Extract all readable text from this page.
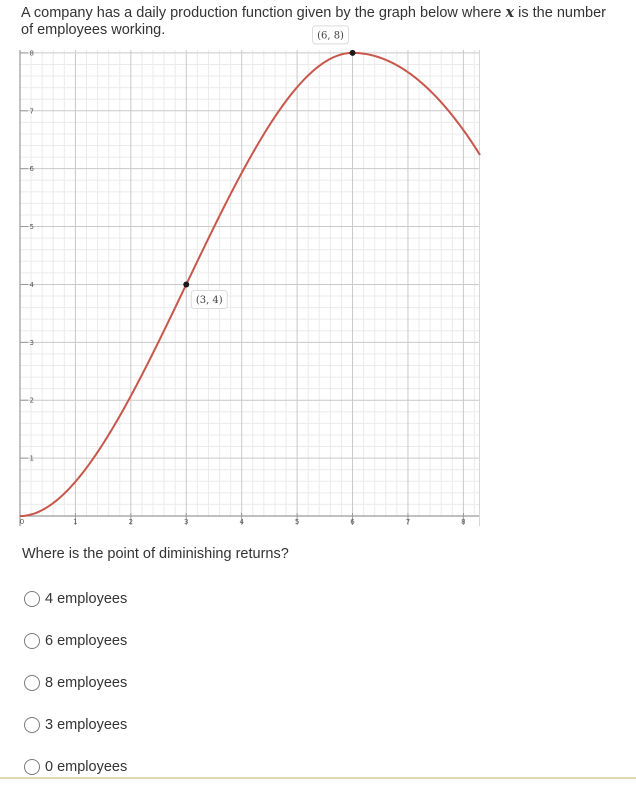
A company has a daily production function given by the graph below where x is the number of employees working.
0	1	2	3	4	5	6	7	8
1
2
3
4
5
6
7
8
(3, 4)
(6, 8)
Where is the point of diminishing returns?
4 employees
6 employees
8 employees
3 employees
0 employees
